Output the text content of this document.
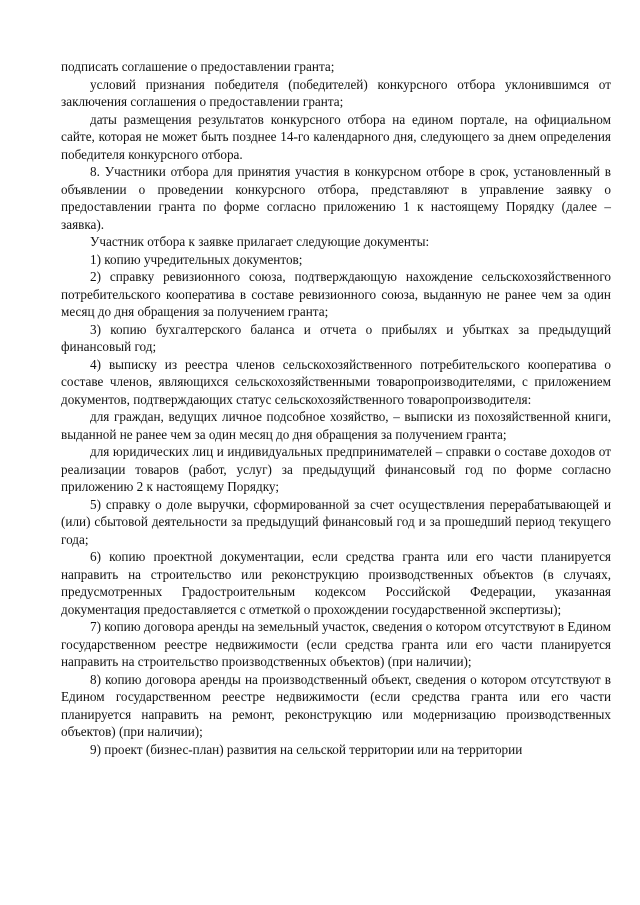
подписать соглашение о предоставлении гранта;

условий признания победителя (победителей) конкурсного отбора уклонившимся от заключения соглашения о предоставлении гранта;

даты размещения результатов конкурсного отбора на едином портале, на официальном сайте, которая не может быть позднее 14-го календарного дня, следующего за днем определения победителя конкурсного отбора.

8. Участники отбора для принятия участия в конкурсном отборе в срок, установленный в объявлении о проведении конкурсного отбора, представляют в управление заявку о предоставлении гранта по форме согласно приложению 1 к настоящему Порядку (далее – заявка).

Участник отбора к заявке прилагает следующие документы:

1) копию учредительных документов;

2) справку ревизионного союза, подтверждающую нахождение сельскохозяйственного потребительского кооператива в составе ревизионного союза, выданную не ранее чем за один месяц до дня обращения за получением гранта;

3) копию бухгалтерского баланса и отчета о прибылях и убытках за предыдущий финансовый год;

4) выписку из реестра членов сельскохозяйственного потребительского кооператива о составе членов, являющихся сельскохозяйственными товаропроизводителями, с приложением документов, подтверждающих статус сельскохозяйственного товаропроизводителя:

для граждан, ведущих личное подсобное хозяйство, – выписки из похозяйственной книги, выданной не ранее чем за один месяц до дня обращения за получением гранта;

для юридических лиц и индивидуальных предпринимателей – справки о составе доходов от реализации товаров (работ, услуг) за предыдущий финансовый год по форме согласно приложению 2 к настоящему Порядку;

5) справку о доле выручки, сформированной за счет осуществления перерабатывающей и (или) сбытовой деятельности за предыдущий финансовый год и за прошедший период текущего года;

6) копию проектной документации, если средства гранта или его части планируется направить на строительство или реконструкцию производственных объектов (в случаях, предусмотренных Градостроительным кодексом Российской Федерации, указанная документация предоставляется с отметкой о прохождении государственной экспертизы);

7) копию договора аренды на земельный участок, сведения о котором отсутствуют в Едином государственном реестре недвижимости (если средства гранта или его части планируется направить на строительство производственных объектов) (при наличии);

8) копию договора аренды на производственный объект, сведения о котором отсутствуют в Едином государственном реестре недвижимости (если средства гранта или его части планируется направить на ремонт, реконструкцию или модернизацию производственных объектов) (при наличии);

9) проект (бизнес-план) развития на сельской территории или на территории
